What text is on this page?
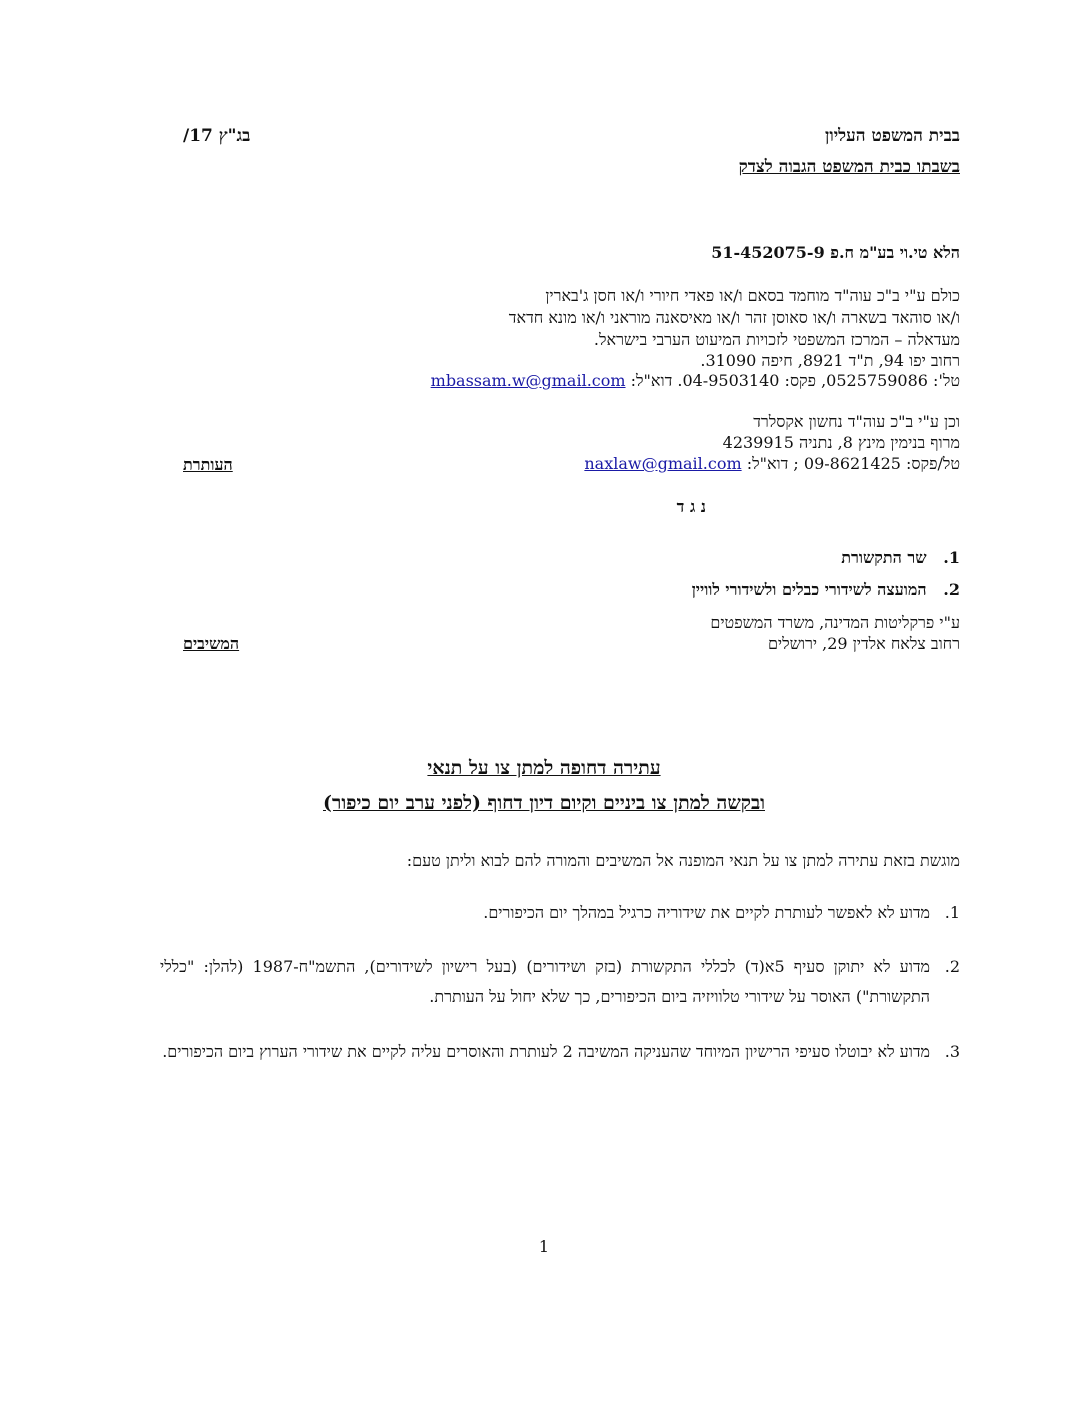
בבית המשפט העליון
בג"ץ 17/
בשבתו כבית המשפט הגבוה לצדק
הלא טי.וי בע"מ ח.פ 51-452075-9
כולם ע"י ב"כ עוה"ד מוחמד בסאם ו/או פאדי חיורי ו/או חסן ג'בארין
ו/או סוהאד בשארה ו/או סאוסן זהר ו/או מאיסאנה מוראני ו/או מונא חדאד
מעדאלה – המרכז המשפטי לזכויות המיעוט הערבי בישראל.
רחוב יפו 94, ת"ד 8921, חיפה 31090.
טל': 0525759086, פקס: 04-9503140. דוא"ל: mbassam.w@gmail.com
וכן ע"י ב"כ עוה"ד נחשון אקסלרד
מרוף בנימין מינץ 8, נתניה 4239915
טל/פקס: 09-8621425 ; דוא"ל: naxlaw@gmail.com
העותרת
נ ג ד
1.   שר התקשורת
2.   המועצה לשידורי כבלים ולשידורי לוויין
ע"י פרקליטות המדינה, משרד המשפטים
רחוב צלאח אלדין 29, ירושלים
המשיבים
עתירה דחופה למתן צו על תנאי
ובקשה למתן צו ביניים וקיום דיון דחוף (לפני ערב יום כיפור)
מוגשת בזאת עתירה למתן צו על תנאי המופנה אל המשיבים והמורה להם לבוא וליתן טעם:
1.
מדוע לא לאפשר לעותרת לקיים את שידוריה כרגיל במהלך יום הכיפורים.
2.
מדוע לא יתוקן סעיף 5א(ד) לכללי התקשורת (בזק ושידורים) (בעל רישיון לשידורים), התשמ"ח-1987 (להלן: "כללי התקשורת") האוסר על שידורי טלוויזיה ביום הכיפורים, כך שלא יחול על העותרת.
3.
מדוע לא יבוטלו סעיפי הרישיון המיוחד שהעניקה המשיבה 2 לעותרת והאוסרים עליה לקיים את שידורי הערוץ ביום הכיפורים.
1
